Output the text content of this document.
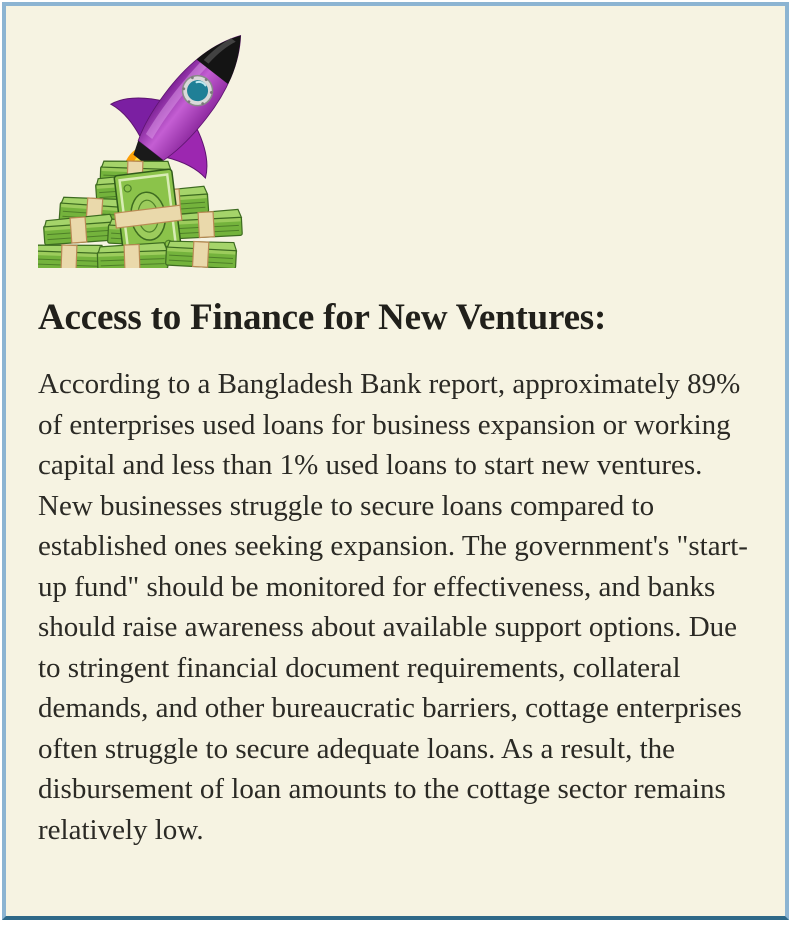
Access to Finance for New Ventures:

According to a Bangladesh Bank report, approximately 89% of enterprises used loans for business expansion or working capital and less than 1% used loans to start new ventures. New businesses struggle to secure loans compared to established ones seeking expansion. The government's "start-up fund" should be monitored for effectiveness, and banks should raise awareness about available support options. Due to stringent financial document requirements, collateral demands, and other bureaucratic barriers, cottage enterprises often struggle to secure adequate loans. As a result, the disbursement of loan amounts to the cottage sector remains relatively low.
